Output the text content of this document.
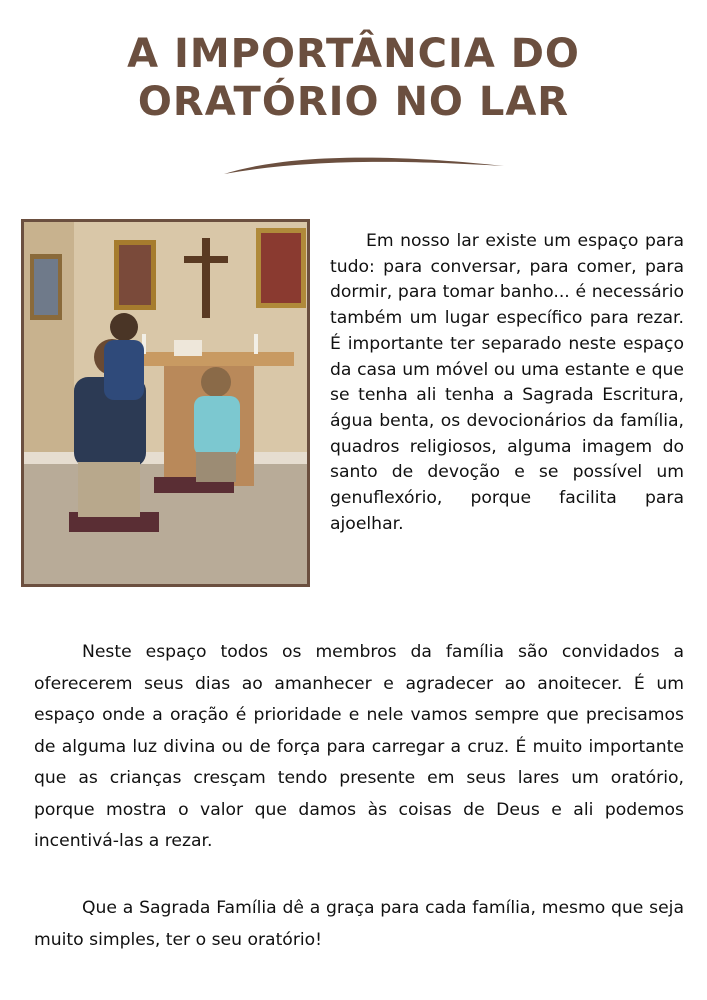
A IMPORTÂNCIA DO
ORATÓRIO NO LAR

Em nosso lar existe um espaço para tudo: para conversar, para comer, para dormir, para tomar banho... é necessário também um lugar específico para rezar. É importante ter separado neste espaço da casa um móvel ou uma estante e que se tenha ali tenha a Sagrada Escritura, água benta, os devocionários da família, quadros religiosos, alguma imagem do santo de devoção e se possível um genuflexório, porque facilita para ajoelhar.

Neste espaço todos os membros da família são convidados a oferecerem seus dias ao amanhecer e agradecer ao anoitecer. É um espaço onde a oração é prioridade e nele vamos sempre que precisamos de alguma luz divina ou de força para carregar a cruz. É muito importante que as crianças cresçam tendo presente em seus lares um oratório, porque mostra o valor que damos às coisas de Deus e ali podemos incentivá-las a rezar.

Que a Sagrada Família dê a graça para cada família, mesmo que seja muito simples, ter o seu oratório!
